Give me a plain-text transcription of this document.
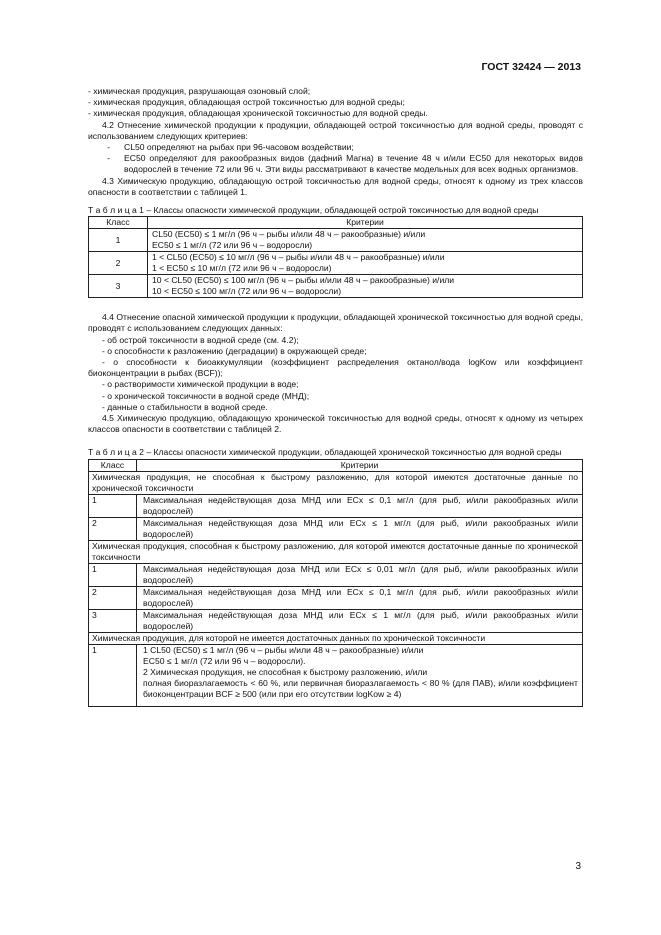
ГОСТ 32424 — 2013

- химическая продукция, разрушающая озоновый слой;

- химическая продукция, обладающая острой токсичностью для водной среды;

- химическая продукция, обладающая хронической токсичностью для водной среды.

4.2 Отнесение химической продукции к продукции, обладающей острой токсичностью для водной среды, проводят с использованием следующих критериев:

-	CL50 определяют на рыбах при 96-часовом воздействии;
-	EC50 определяют для ракообразных видов (дафний Магна) в течение 48 ч и/или EC50 для некоторых видов водорослей в течение 72 или 96 ч. Эти виды рассматривают в качестве модельных для всех водных организмов.

4.3 Химическую продукцию, обладающую острой токсичностью для водной среды, относят к одному из трех классов опасности в соответствии с таблицей 1.

Т а б л и ц а 1 – Классы опасности химической продукции, обладающей острой токсичностью для водной среды

Класс	Критерии
1	CL50 (EC50) ≤ 1 мг/л (96 ч – рыбы и/или 48 ч – ракообразные) и/или
EC50 ≤ 1 мг/л (72 или 96 ч – водоросли)

2	1 < CL50 (EC50) ≤ 10 мг/л (96 ч – рыбы и/или 48 ч – ракообразные) и/или
1 < EC50 ≤ 10 мг/л (72 или 96 ч – водоросли)

3	10 < CL50 (EC50) ≤ 100 мг/л (96 ч – рыбы и/или 48 ч – ракообразные) и/или
10 < EC50 ≤ 100 мг/л (72 или 96 ч – водоросли)

4.4 Отнесение опасной химической продукции к продукции, обладающей хронической токсичностью для водной среды, проводят с использованием следующих данных:

- об острой токсичности в водной среде (см. 4.2);

- о способности к разложению (деградации) в окружающей среде;

- о способности к биоаккумуляции (коэффициент распределения октанол/вода logKow или коэффициент биоконцентрации в рыбах (BCF));

- о растворимости химической продукции в воде;

- о хронической токсичности в водной среде (МНД);

- данные о стабильности в водной среде.

4.5 Химическую продукцию, обладающую хронической токсичностью для водной среды, относят к одному из четырех классов опасности в соответствии с таблицей 2.

Т а б л и ц а 2 – Классы опасности химической продукции, обладающей хронической токсичностью для водной среды

Класс	Критерии
Химическая продукция, не способная к быстрому разложению, для которой имеются достаточные данные по хронической токсичности	
1	Максимальная недействующая доза МНД или ECx ≤ 0,1 мг/л (для рыб, и/или ракообразных и/или водорослей)
2	Максимальная недействующая доза МНД или ECx ≤ 1 мг/л (для рыб, и/или ракообразных и/или водорослей)
Химическая продукция, способная к быстрому разложению, для которой имеются достаточные данные по хронической токсичности	
1	Максимальная недействующая доза МНД или ECx ≤ 0,01 мг/л (для рыб, и/или ракообразных и/или водорослей)
2	Максимальная недействующая доза МНД или ECx ≤ 0,1 мг/л (для рыб, и/или ракообразных и/или водорослей)
3	Максимальная недействующая доза МНД или ECx ≤ 1 мг/л (для рыб, и/или ракообразных и/или водорослей)
Химическая продукция, для которой не имеется достаточных данных по хронической токсичности	
1	1 CL50 (EC50) ≤ 1 мг/л (96 ч – рыбы и/или 48 ч – ракообразные) и/или
EC50 ≤ 1 мг/л (72 или 96 ч – водоросли).
2 Химическая продукция, не способная к быстрому разложению, и/или
полная биоразлагаемость < 60 %, или первичная биоразлагаемость < 80 % (для ПАВ), и/или коэффициент биоконцентрации BCF ≥ 500 (или при его отсутствии logKow ≥ 4)
3
